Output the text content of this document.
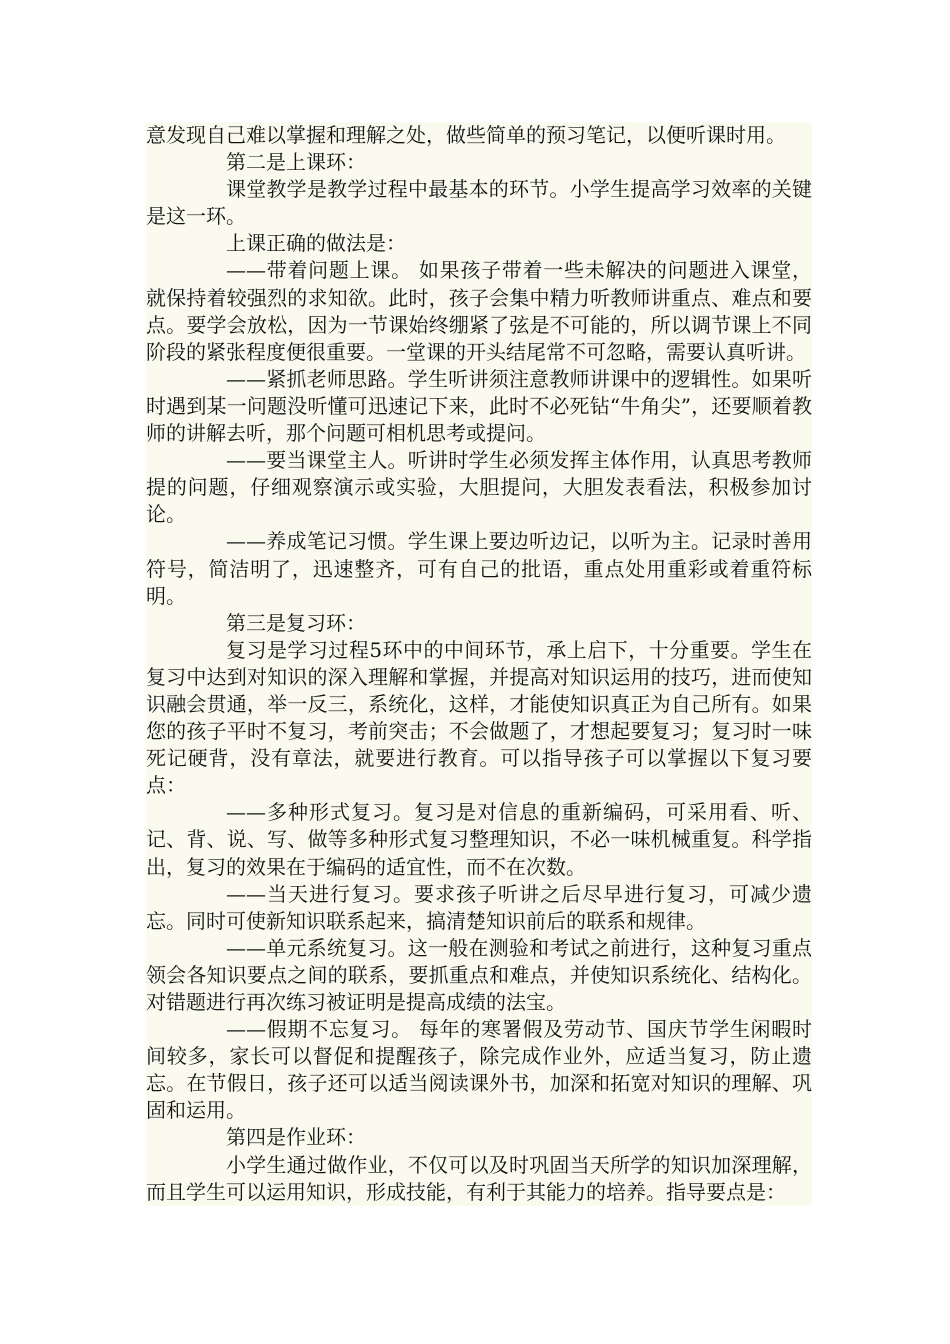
意发现自己难以掌握和理解之处，做些简单的预习笔记，以便听课时用。

第二是上课环：

课堂教学是教学过程中最基本的环节。小学生提高学习效率的关键是这一环。

上课正确的做法是：

——带着问题上课。 如果孩子带着一些未解决的问题进入课堂，就保持着较强烈的求知欲。此时，孩子会集中精力听教师讲重点、难点和要点。要学会放松，因为一节课始终绷紧了弦是不可能的，所以调节课上不同阶段的紧张程度便很重要。一堂课的开头结尾常不可忽略，需要认真听讲。

——紧抓老师思路。学生听讲须注意教师讲课中的逻辑性。如果听时遇到某一问题没听懂可迅速记下来，此时不必死钻“牛角尖”，还要顺着教师的讲解去听，那个问题可相机思考或提问。

——要当课堂主人。听讲时学生必须发挥主体作用，认真思考教师提的问题，仔细观察演示或实验，大胆提问，大胆发表看法，积极参加讨论。

——养成笔记习惯。学生课上要边听边记，以听为主。记录时善用符号，简洁明了，迅速整齐，可有自己的批语，重点处用重彩或着重符标明。

第三是复习环：

复习是学习过程5环中的中间环节，承上启下，十分重要。学生在复习中达到对知识的深入理解和掌握，并提高对知识运用的技巧，进而使知识融会贯通，举一反三，系统化，这样，才能使知识真正为自己所有。如果您的孩子平时不复习，考前突击；不会做题了，才想起要复习；复习时一味死记硬背，没有章法，就要进行教育。可以指导孩子可以掌握以下复习要点：

——多种形式复习。复习是对信息的重新编码，可采用看、听、记、背、说、写、做等多种形式复习整理知识，不必一味机械重复。科学指出，复习的效果在于编码的适宜性，而不在次数。

——当天进行复习。要求孩子听讲之后尽早进行复习，可减少遗忘。同时可使新知识联系起来，搞清楚知识前后的联系和规律。

——单元系统复习。这一般在测验和考试之前进行，这种复习重点领会各知识要点之间的联系，要抓重点和难点，并使知识系统化、结构化。对错题进行再次练习被证明是提高成绩的法宝。

——假期不忘复习。 每年的寒署假及劳动节、国庆节学生闲暇时间较多，家长可以督促和提醒孩子，除完成作业外，应适当复习，防止遗忘。在节假日，孩子还可以适当阅读课外书，加深和拓宽对知识的理解、巩固和运用。

第四是作业环：

小学生通过做作业，不仅可以及时巩固当天所学的知识加深理解，而且学生可以运用知识，形成技能，有利于其能力的培养。指导要点是：
